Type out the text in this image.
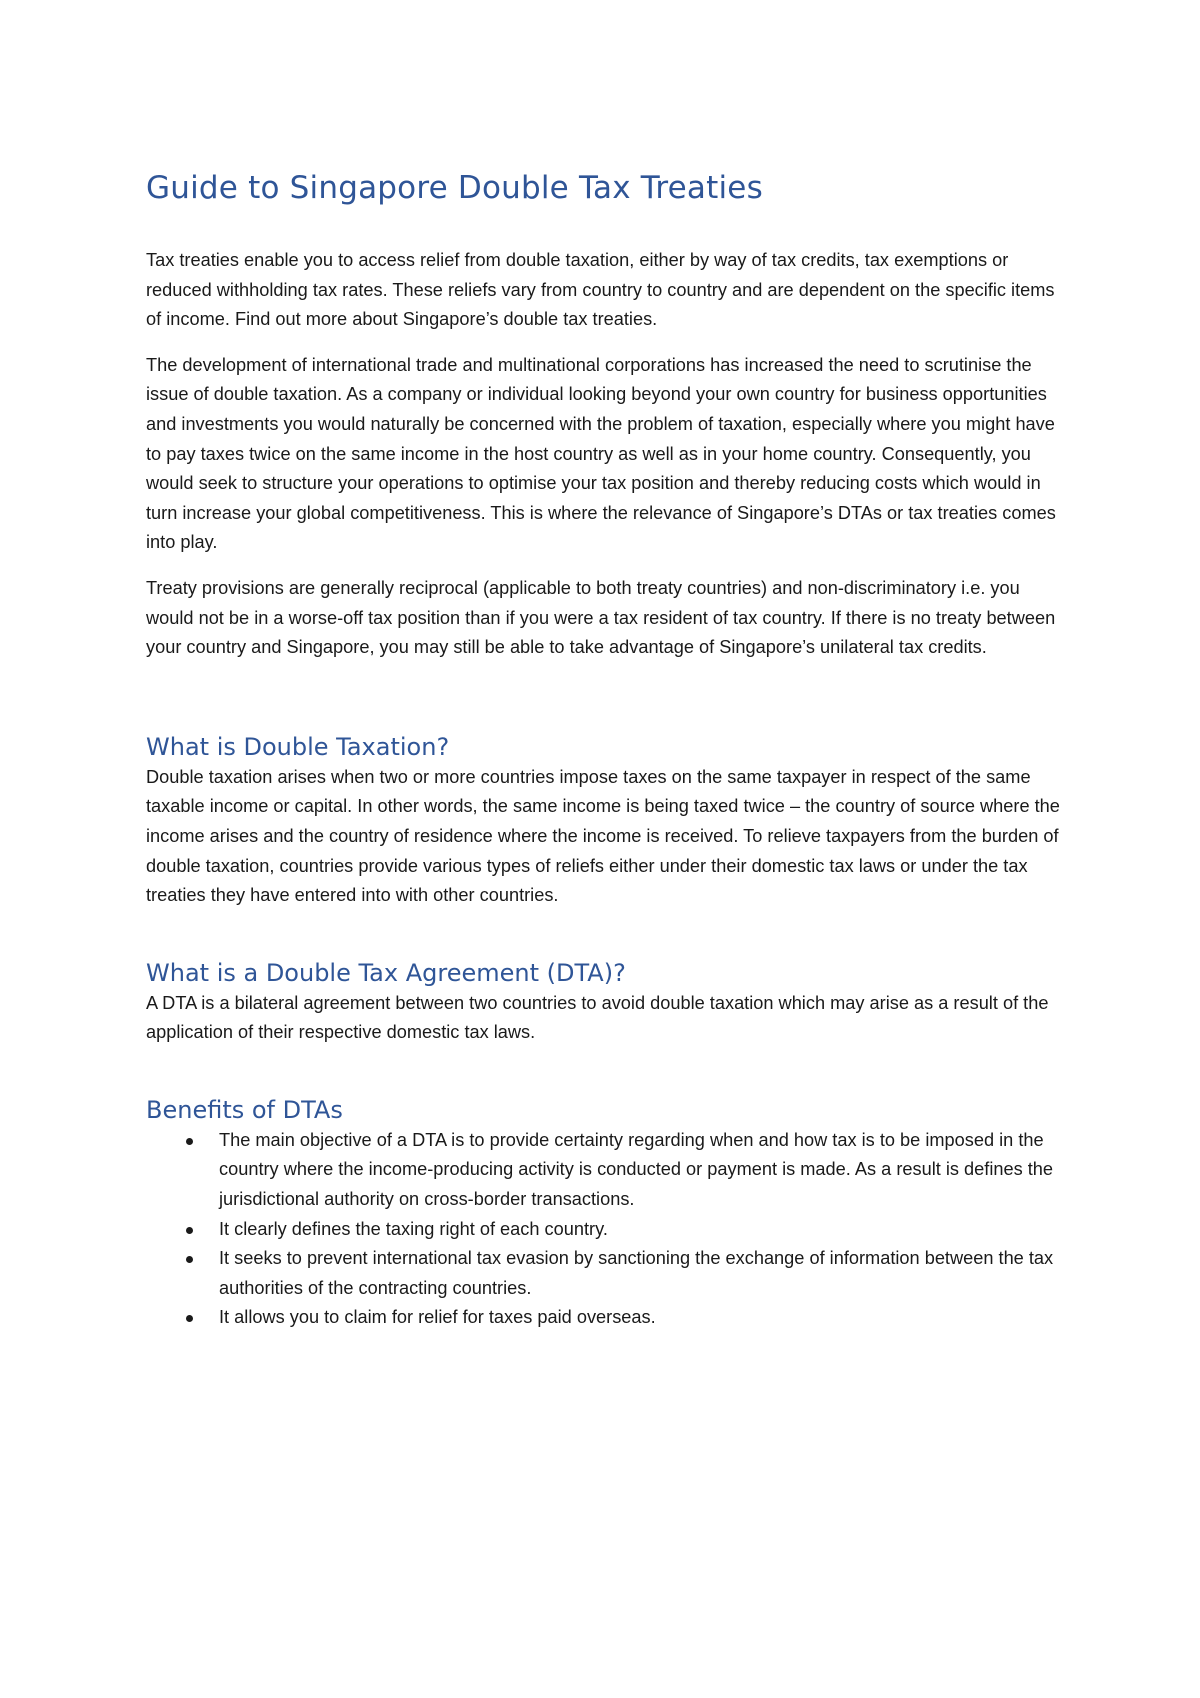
Guide to Singapore Double Tax Treaties

Tax treaties enable you to access relief from double taxation, either by way of tax credits, tax exemptions or reduced withholding tax rates. These reliefs vary from country to country and are dependent on the specific items of income. Find out more about Singapore’s double tax treaties.

The development of international trade and multinational corporations has increased the need to scrutinise the issue of double taxation. As a company or individual looking beyond your own country for business opportunities and investments you would naturally be concerned with the problem of taxation, especially where you might have to pay taxes twice on the same income in the host country as well as in your home country. Consequently, you would seek to structure your operations to optimise your tax position and thereby reducing costs which would in turn increase your global competitiveness. This is where the relevance of Singapore’s DTAs or tax treaties comes into play.

Treaty provisions are generally reciprocal (applicable to both treaty countries) and non-discriminatory i.e. you would not be in a worse-off tax position than if you were a tax resident of tax country. If there is no treaty between your country and Singapore, you may still be able to take advantage of Singapore’s unilateral tax credits.

What is Double Taxation?

Double taxation arises when two or more countries impose taxes on the same taxpayer in respect of the same taxable income or capital. In other words, the same income is being taxed twice – the country of source where the income arises and the country of residence where the income is received. To relieve taxpayers from the burden of double taxation, countries provide various types of reliefs either under their domestic tax laws or under the tax treaties they have entered into with other countries.

What is a Double Tax Agreement (DTA)?

A DTA is a bilateral agreement between two countries to avoid double taxation which may arise as a result of the application of their respective domestic tax laws.

Benefits of DTAs
The main objective of a DTA is to provide certainty regarding when and how tax is to be imposed in the country where the income-producing activity is conducted or payment is made. As a result is defines the jurisdictional authority on cross-border transactions.
It clearly defines the taxing right of each country.
It seeks to prevent international tax evasion by sanctioning the exchange of information between the tax authorities of the contracting countries.
It allows you to claim for relief for taxes paid overseas.
